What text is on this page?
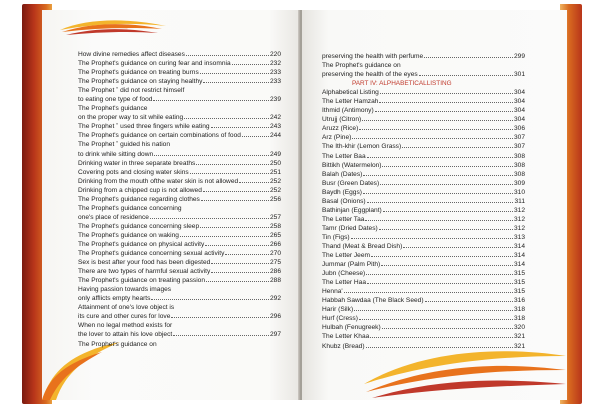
How divine remedies affect diseases	220
The Prophet's guidance on curing fear and insomnia	232
The Prophet's guidance on treating burns	233
The Prophet's guidance on staying healthy	233
The Prophet ˚ did not restrict himself
to eating one type of food	239
The Prophet's guidance
on the proper way to sit while eating	242
The Prophet ˚ used three fingers while eating	243
The Prophet's guidance on certain combinations of food	244
The Prophet ˚ guided his nation
to drink while sitting down	249
Drinking water in three separate breaths	250
Covering pots and closing water skins	251
Drinking from the mouth ofthe water skin is not allowed	252
Drinking from a chipped cup is not allowed	252
The Prophet's guidance regarding clothes	256
The Prophet's guidance concerning
one's place of residence	257
The Prophet's guidance concerning sleep	258
The Prophet's guidance on waking	265
The Prophet's guidance on physical activity	266
The Prophet's guidance concerning sexual activity	270
Sex is best after your food has been digested	275
There are two types of harmful sexual activity	286
The Prophet's guidance on treating passion	288
Having passion towards images
only afflicts empty hearts	292
Attainment of one's love object is
its cure and other cures for love	296
When no legal method exists for
the lover to attain his love object	297
The Prophet's guidance on
preserving the health with perfume	299
The Prophet's guidance on
preserving the health of the eyes	301
PART IV: ALPHABETICALLISTING
Alphabetical Listing	304
The Letter Hamzah	304
Ithmid (Antimony)	304
Utrujj (Citron)	304
Aruzz (Rice)	306
Arz (Pine)	307
The Ith-khir (Lemon Grass)	307
The Letter Baa	308
Bittikh (Watermelon)	308
Balah (Dates)	308
Busr (Green Dates)	309
Baydh (Eggs)	310
Basal (Onions)	311
Bathinjan (Eggplant)	312
The Letter Taa	312
Tamr (Dried Dates)	312
Tin (Figs)	313
Thand (Meat & Bread Dish)	314
The Letter Jeem	314
Jummar (Palm Pith)	314
Jubn (Cheese)	315
The Letter Haa	315
Henna'	315
Habbah Sawdaa (The Black Seed)	316
Harir (Silk)	318
Hurf (Cress)	318
Hulbah (Fenugreek)	320
The Letter Khaa	321
Khubz (Bread)	321
